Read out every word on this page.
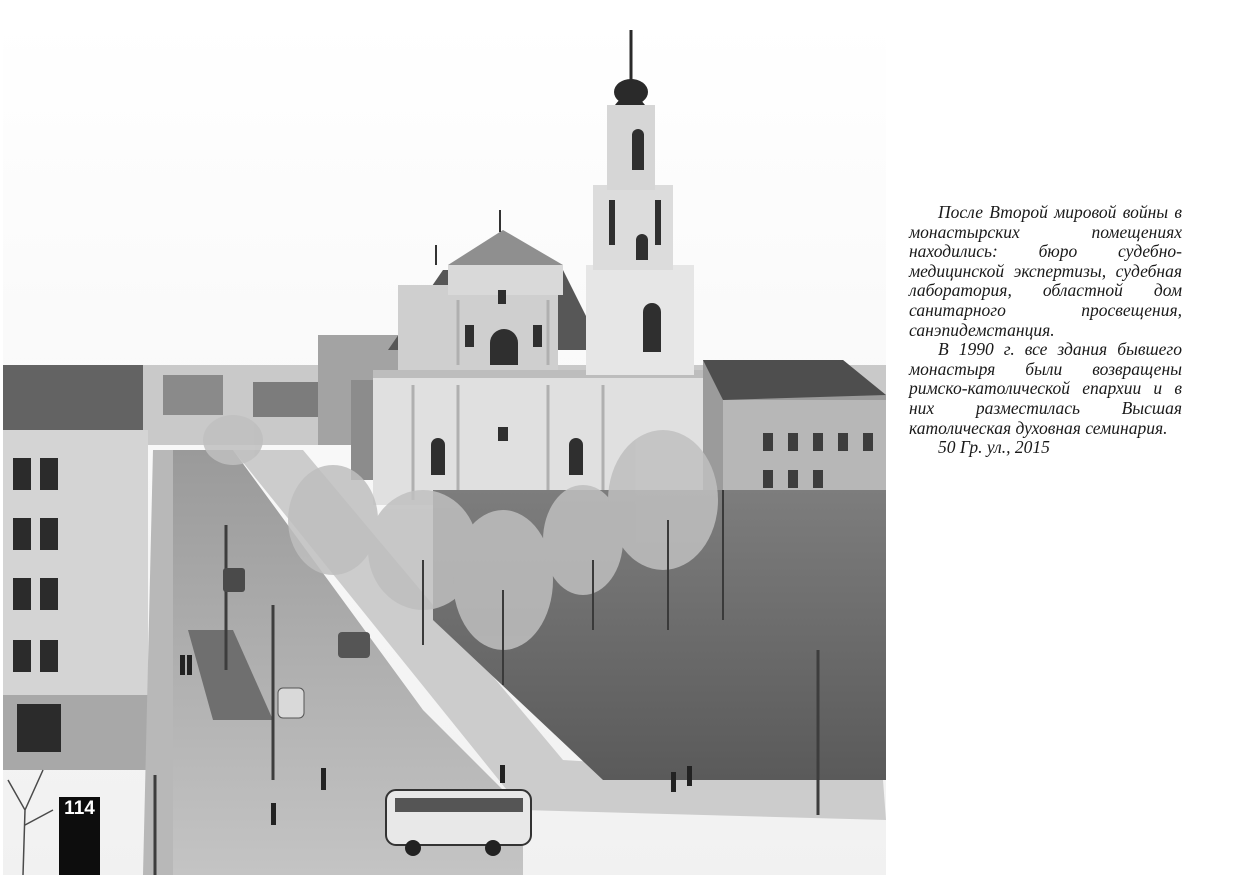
После Второй мировой войны в монастырских помещениях находились: бюро судебно-медицинской экспертизы, судебная лаборатория, областной дом санитарного просвещения, санэпидемстанция.

В 1990 г. все здания бывшего монастыря были возвращены римско-католической епархии и в них разместилась Высшая католическая духовная семинария.

50 Гр. ул., 2015

114
